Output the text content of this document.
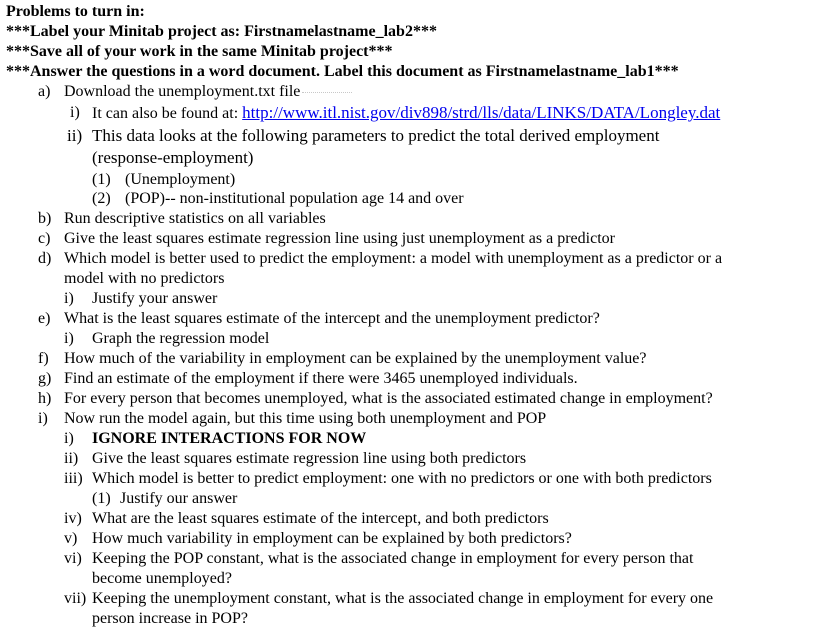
Problems to turn in:
***Label your Minitab project as: Firstnamelastname_lab2***
***Save all of your work in the same Minitab project***
***Answer the questions in a word document. Label this document as Firstnamelastname_lab1***
a) Download the unemployment.txt file
i) It can also be found at: http://www.itl.nist.gov/div898/strd/lls/data/LINKS/DATA/Longley.dat
ii) This data looks at the following parameters to predict the total derived employment
(response-employment)
(1) (Unemployment)
(2) (POP)-- non-institutional population age 14 and over
b) Run descriptive statistics on all variables
c) Give the least squares estimate regression line using just unemployment as a predictor
d) Which model is better used to predict the employment: a model with unemployment as a predictor or a
model with no predictors
i) Justify your answer
e) What is the least squares estimate of the intercept and the unemployment predictor?
i) Graph the regression model
f) How much of the variability in employment can be explained by the unemployment value?
g) Find an estimate of the employment if there were 3465 unemployed individuals.
h) For every person that becomes unemployed, what is the associated estimated change in employment?
i) Now run the model again, but this time using both unemployment and POP
i) IGNORE INTERACTIONS FOR NOW
ii) Give the least squares estimate regression line using both predictors
iii) Which model is better to predict employment: one with no predictors or one with both predictors
(1) Justify our answer
iv) What are the least squares estimate of the intercept, and both predictors
v) How much variability in employment can be explained by both predictors?
vi) Keeping the POP constant, what is the associated change in employment for every person that
become unemployed?
vii) Keeping the unemployment constant, what is the associated change in employment for every one
person increase in POP?
